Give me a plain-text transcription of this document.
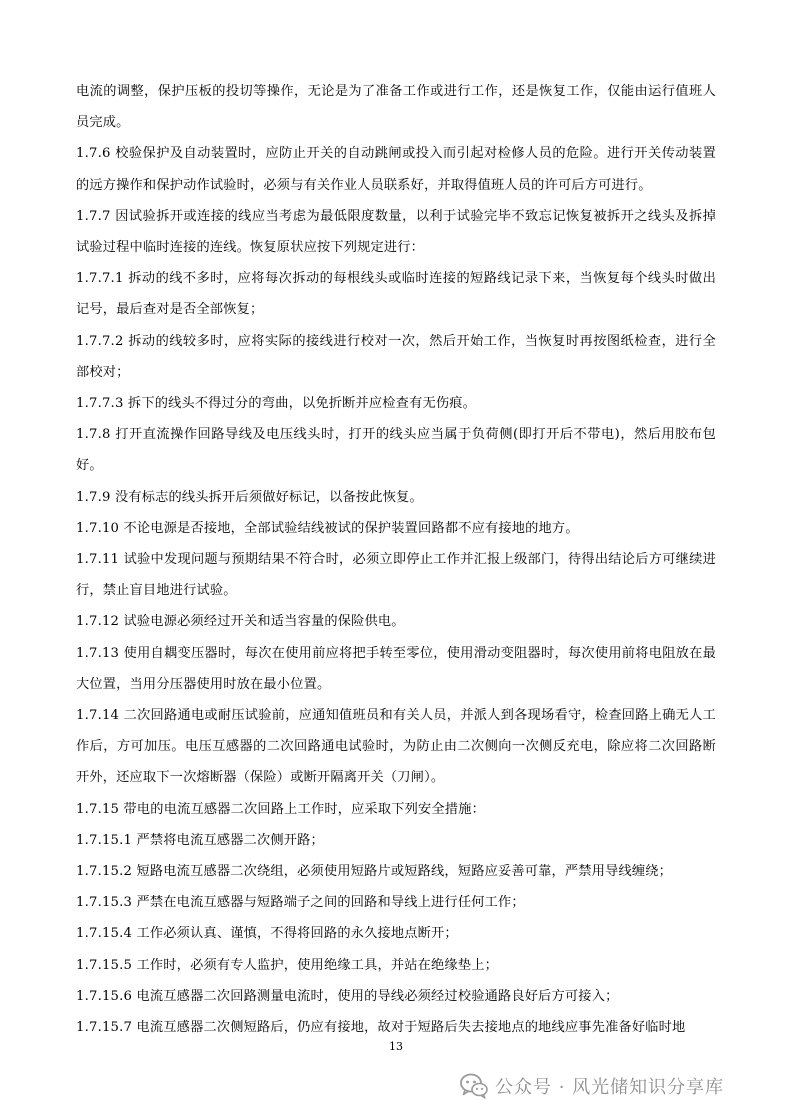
电流的调整，保护压板的投切等操作，无论是为了准备工作或进行工作，还是恢复工作，仅能由运行值班人员完成。

1.7.6 校验保护及自动装置时，应防止开关的自动跳闸或投入而引起对检修人员的危险。进行开关传动装置的远方操作和保护动作试验时，必须与有关作业人员联系好，并取得值班人员的许可后方可进行。

1.7.7 因试验拆开或连接的线应当考虑为最低限度数量，以利于试验完毕不致忘记恢复被拆开之线头及拆掉试验过程中临时连接的连线。恢复原状应按下列规定进行：

1.7.7.1 拆动的线不多时，应将每次拆动的每根线头或临时连接的短路线记录下来，当恢复每个线头时做出记号，最后查对是否全部恢复；

1.7.7.2 拆动的线较多时，应将实际的接线进行校对一次，然后开始工作，当恢复时再按图纸检查，进行全部校对；

1.7.7.3 拆下的线头不得过分的弯曲，以免折断并应检查有无伤痕。

1.7.8 打开直流操作回路导线及电压线头时，打开的线头应当属于负荷侧(即打开后不带电)，然后用胶布包好。

1.7.9 没有标志的线头拆开后须做好标记，以备按此恢复。

1.7.10 不论电源是否接地，全部试验结线被试的保护装置回路都不应有接地的地方。

1.7.11 试验中发现问题与预期结果不符合时，必须立即停止工作并汇报上级部门，待得出结论后方可继续进行，禁止盲目地进行试验。

1.7.12 试验电源必须经过开关和适当容量的保险供电。

1.7.13 使用自耦变压器时，每次在使用前应将把手转至零位，使用滑动变阻器时，每次使用前将电阻放在最大位置，当用分压器使用时放在最小位置。

1.7.14 二次回路通电或耐压试验前，应通知值班员和有关人员，并派人到各现场看守，检查回路上确无人工作后，方可加压。电压互感器的二次回路通电试验时，为防止由二次侧向一次侧反充电，除应将二次回路断开外，还应取下一次熔断器（保险）或断开隔离开关（刀闸）。

1.7.15 带电的电流互感器二次回路上工作时，应采取下列安全措施：

1.7.15.1 严禁将电流互感器二次侧开路；

1.7.15.2 短路电流互感器二次绕组，必须使用短路片或短路线，短路应妥善可靠，严禁用导线缠绕；

1.7.15.3 严禁在电流互感器与短路端子之间的回路和导线上进行任何工作；

1.7.15.4 工作必须认真、谨慎，不得将回路的永久接地点断开；

1.7.15.5 工作时，必须有专人监护，使用绝缘工具，并站在绝缘垫上；

1.7.15.6 电流互感器二次回路测量电流时，使用的导线必须经过校验通路良好后方可接入；

1.7.15.7 电流互感器二次侧短路后，仍应有接地，故对于短路后失去接地点的地线应事先准备好临时地

13
公众号 · 风光储知识分享库
